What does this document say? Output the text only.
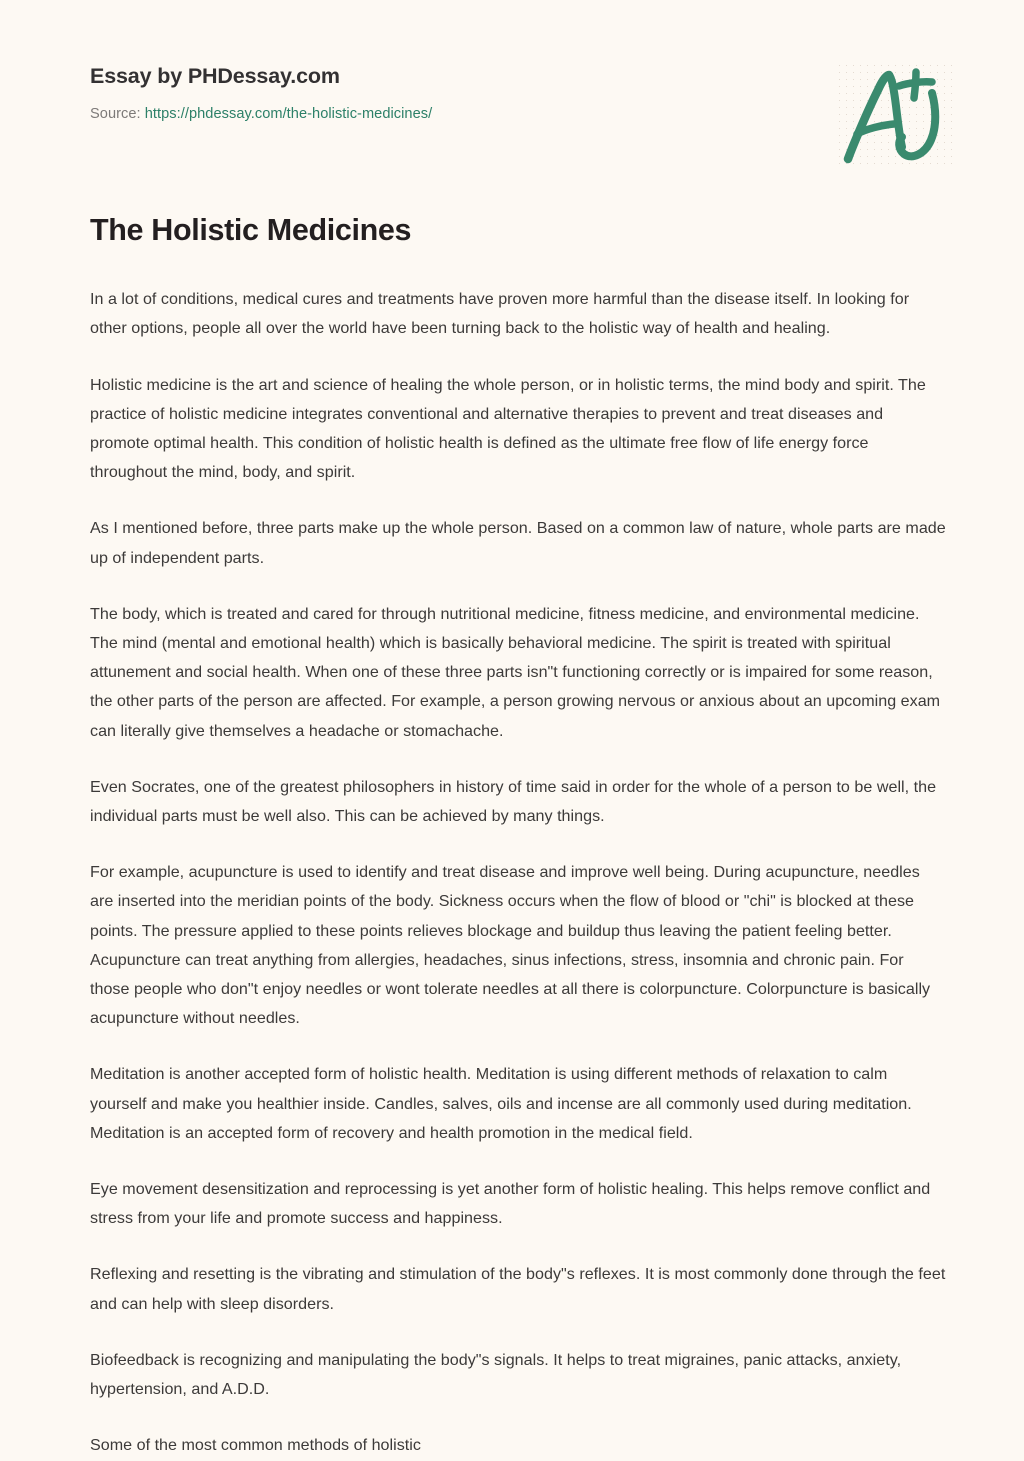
Essay by PHDessay.com
Source: https://phdessay.com/the-holistic-medicines/
The Holistic Medicines

In a lot of conditions, medical cures and treatments have proven more harmful than the disease itself. In looking for other options, people all over the world have been turning back to the holistic way of health and healing.

Holistic medicine is the art and science of healing the whole person, or in holistic terms, the mind body and spirit. The practice of holistic medicine integrates conventional and alternative therapies to prevent and treat diseases and promote optimal health. This condition of holistic health is defined as the ultimate free flow of life energy force throughout the mind, body, and spirit.

As I mentioned before, three parts make up the whole person. Based on a common law of nature, whole parts are made up of independent parts.

The body, which is treated and cared for through nutritional medicine, fitness medicine, and environmental medicine. The mind (mental and emotional health) which is basically behavioral medicine. The spirit is treated with spiritual attunement and social health. When one of these three parts isn"t functioning correctly or is impaired for some reason, the other parts of the person are affected. For example, a person growing nervous or anxious about an upcoming exam can literally give themselves a headache or stomachache.

Even Socrates, one of the greatest philosophers in history of time said in order for the whole of a person to be well, the individual parts must be well also. This can be achieved by many things.

For example, acupuncture is used to identify and treat disease and improve well being. During acupuncture, needles are inserted into the meridian points of the body. Sickness occurs when the flow of blood or "chi" is blocked at these points. The pressure applied to these points relieves blockage and buildup thus leaving the patient feeling better. Acupuncture can treat anything from allergies, headaches, sinus infections, stress, insomnia and chronic pain. For those people who don"t enjoy needles or wont tolerate needles at all there is colorpuncture. Colorpuncture is basically acupuncture without needles.

Meditation is another accepted form of holistic health. Meditation is using different methods of relaxation to calm yourself and make you healthier inside. Candles, salves, oils and incense are all commonly used during meditation. Meditation is an accepted form of recovery and health promotion in the medical field.

Eye movement desensitization and reprocessing is yet another form of holistic healing. This helps remove conflict and stress from your life and promote success and happiness.

Reflexing and resetting is the vibrating and stimulation of the body"s reflexes. It is most commonly done through the feet and can help with sleep disorders.

Biofeedback is recognizing and manipulating the body"s signals. It helps to treat migraines, panic attacks, anxiety, hypertension, and A.D.D.

Some of the most common methods of holistic
